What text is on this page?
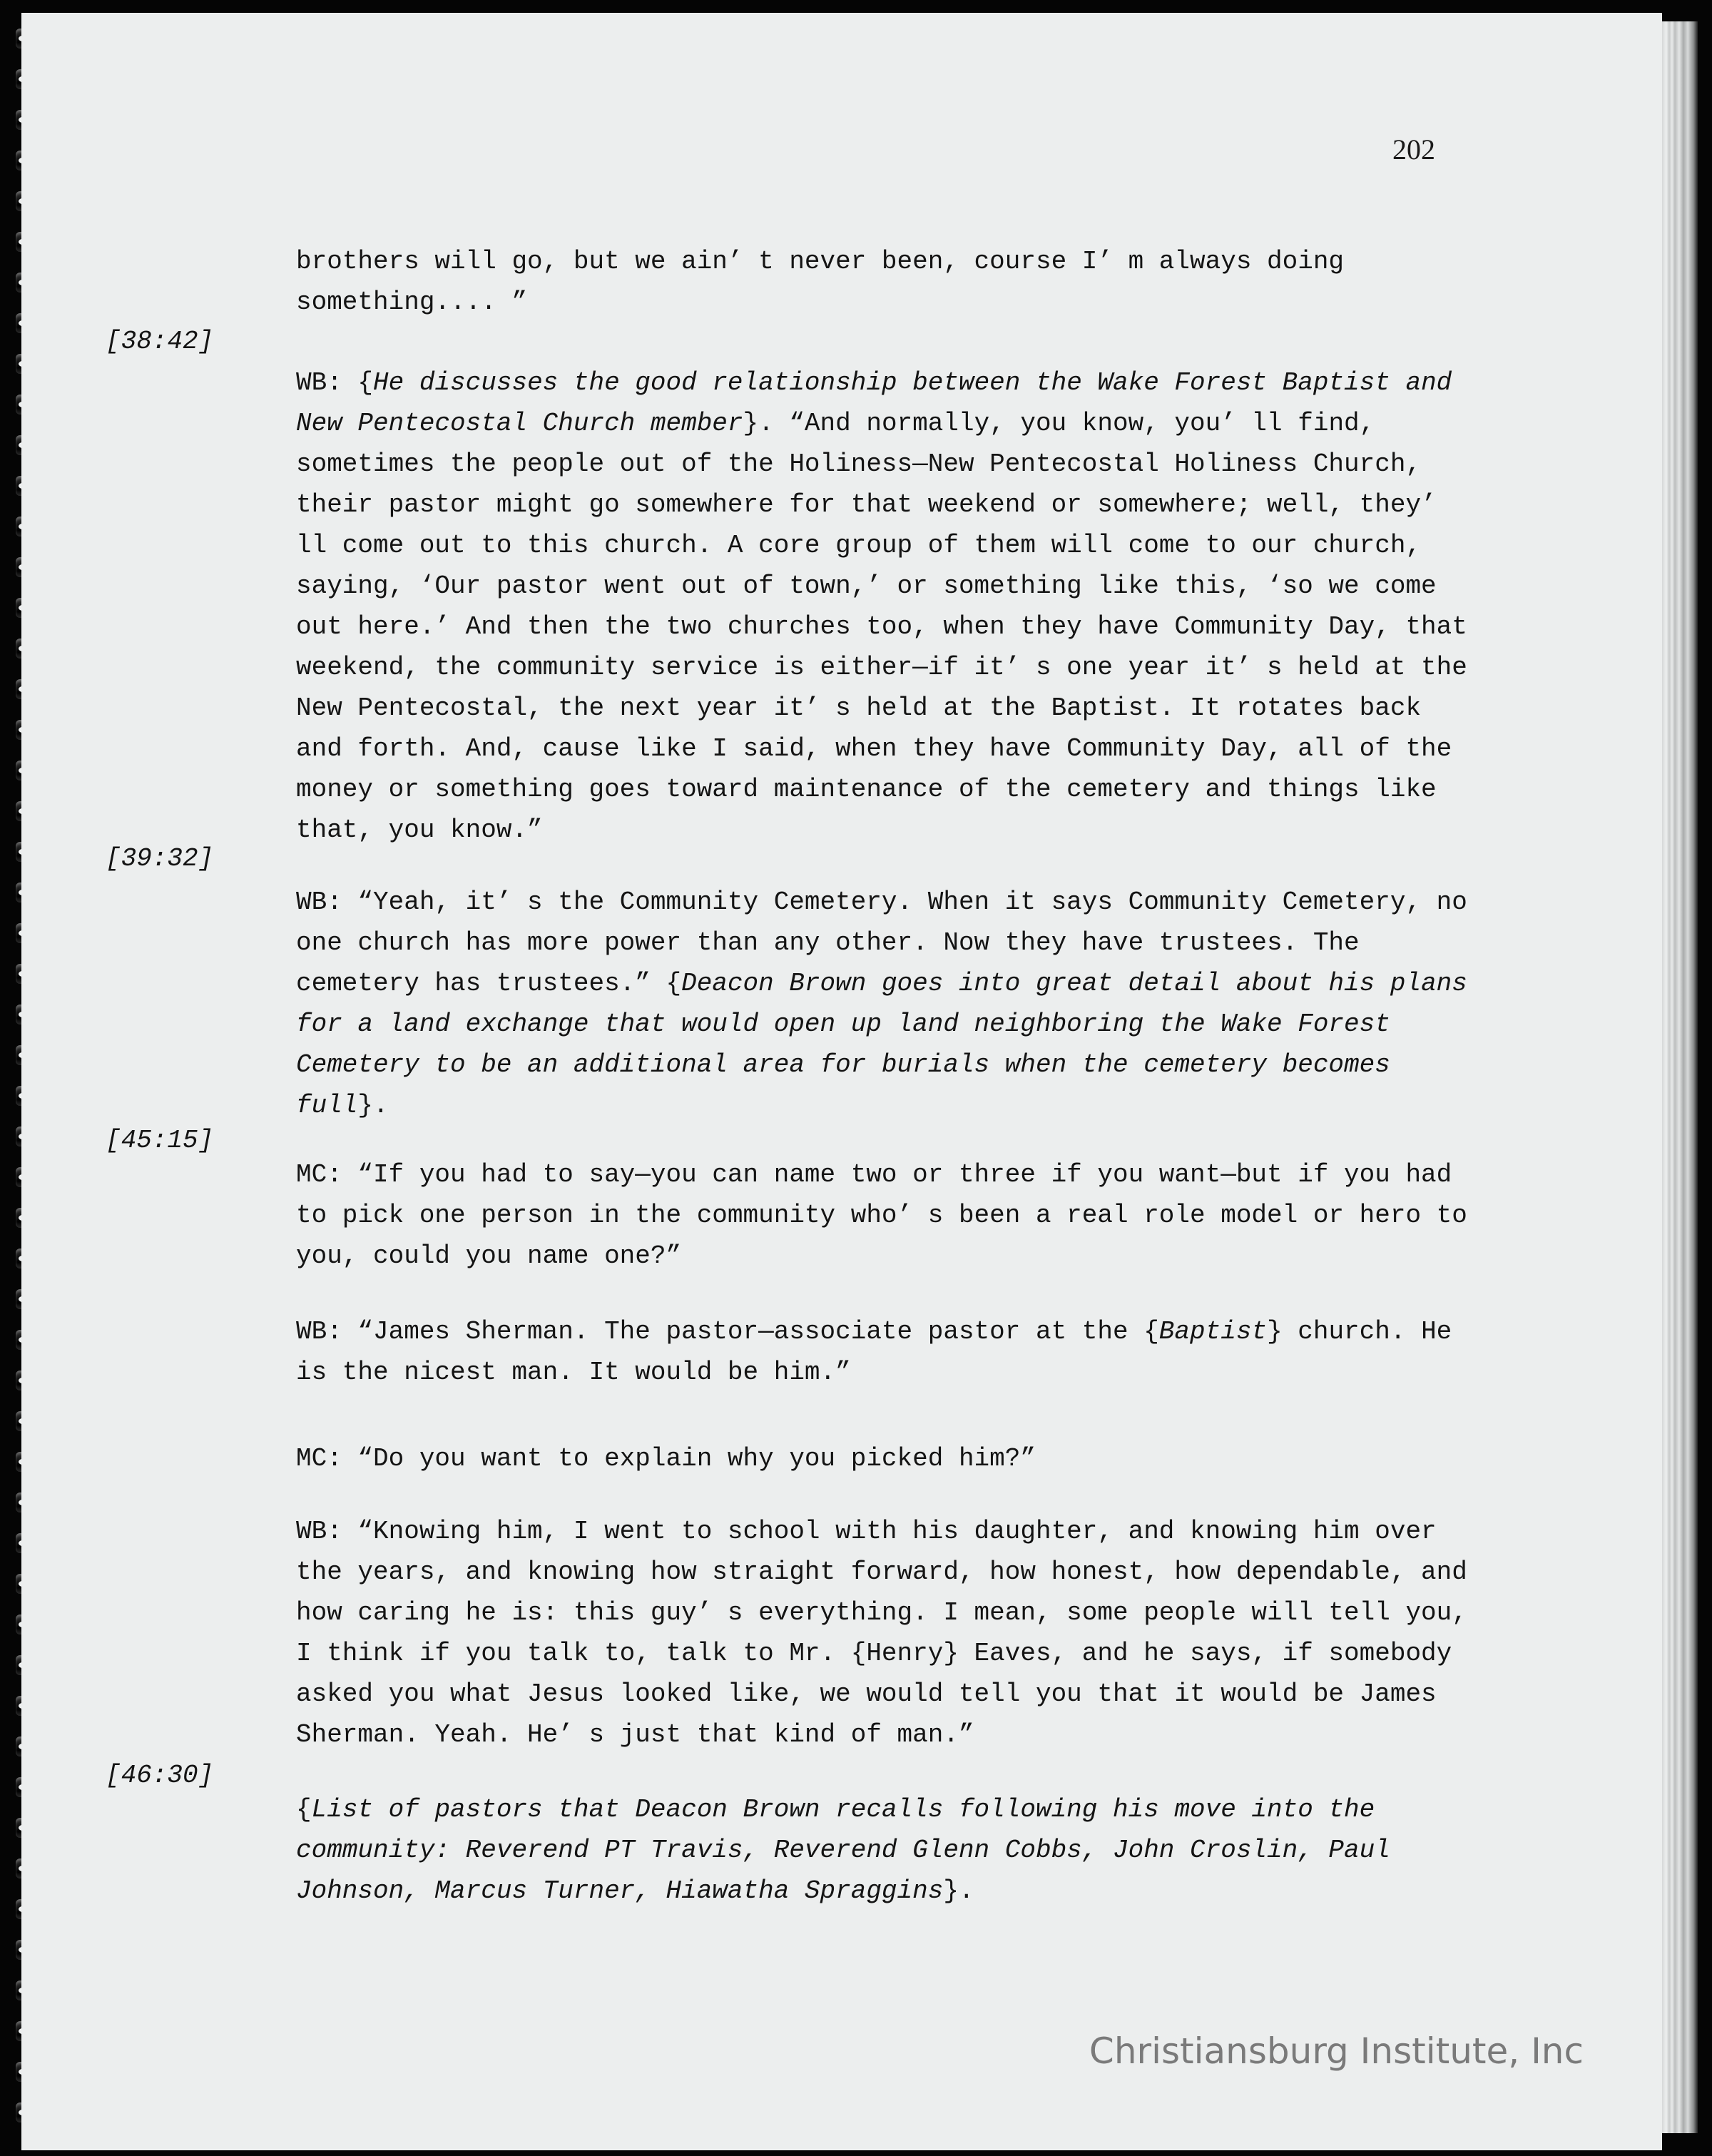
202
[38:42]
[39:32]
[45:15]
[46:30]

brothers will go, but we ain’ t never been, course I’ m always doing something.... ”

WB: {He discusses the good relationship between the Wake Forest Baptist and New Pentecostal Church member}. “And normally, you know, you’ ll find, sometimes the people out of the Holiness—New Pentecostal Holiness Church, their pastor might go somewhere for that weekend or somewhere; well, they’ ll come out to this church. A core group of them will come to our church, saying, ‘Our pastor went out of town,’ or something like this, ‘so we come out here.’ And then the two churches too, when they have Community Day, that weekend, the community service is either—if it’ s one year it’ s held at the New Pentecostal, the next year it’ s held at the Baptist. It rotates back and forth. And, cause like I said, when they have Community Day, all of the money or something goes toward maintenance of the cemetery and things like that, you know.”

WB: “Yeah, it’ s the Community Cemetery. When it says Community Cemetery, no one church has more power than any other. Now they have trustees. The cemetery has trustees.” {Deacon Brown goes into great detail about his plans for a land exchange that would open up land neighboring the Wake Forest Cemetery to be an additional area for burials when the cemetery becomes full}.

MC: “If you had to say—you can name two or three if you want—but if you had to pick one person in the community who’ s been a real role model or hero to you, could you name one?”

WB: “James Sherman. The pastor—associate pastor at the {Baptist} church. He is the nicest man. It would be him.”

MC: “Do you want to explain why you picked him?”

WB: “Knowing him, I went to school with his daughter, and knowing him over the years, and knowing how straight forward, how honest, how dependable, and how caring he is: this guy’ s everything. I mean, some people will tell you, I think if you talk to, talk to Mr. {Henry} Eaves, and he says, if somebody asked you what Jesus looked like, we would tell you that it would be James Sherman. Yeah. He’ s just that kind of man.”

{List of pastors that Deacon Brown recalls following his move into the community: Reverend PT Travis, Reverend Glenn Cobbs, John Croslin, Paul Johnson, Marcus Turner, Hiawatha Spraggins}.

Christiansburg Institute, Inc
